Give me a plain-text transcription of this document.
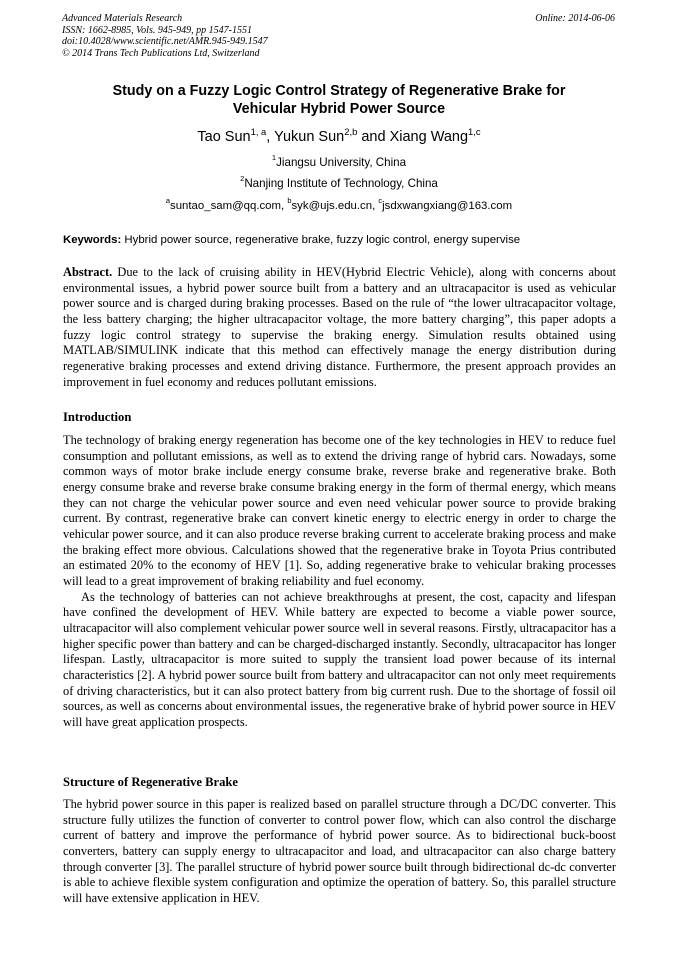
Advanced Materials Research
ISSN: 1662-8985, Vols. 945-949, pp 1547-1551
doi:10.4028/www.scientific.net/AMR.945-949.1547
© 2014 Trans Tech Publications Ltd, Switzerland
Online: 2014-06-06
Study on a Fuzzy Logic Control Strategy of Regenerative Brake for
Vehicular Hybrid Power Source
Tao Sun$^{1, a}$, Yukun Sun$^{2,b}$ and Xiang Wang$^{1,c}$
$^1$Jiangsu University, China
$^2$Nanjing Institute of Technology, China
$^a$suntao_sam@qq.com, $^b$syk@ujs.edu.cn, $^c$jsdxwangxiang@163.com
Keywords: Hybrid power source, regenerative brake, fuzzy logic control, energy supervise

Abstract. Due to the lack of cruising ability in HEV(Hybrid Electric Vehicle), along with concerns about environmental issues, a hybrid power source built from a battery and an ultracapacitor is used as vehicular power source and is charged during braking processes. Based on the rule of “the lower ultracapacitor voltage, the less battery charging; the higher ultracapacitor voltage, the more battery charging”, this paper adopts a fuzzy logic control strategy to supervise the braking energy. Simulation results obtained using MATLAB/SIMULINK indicate that this method can effectively manage the energy distribution during regenerative braking processes and extend driving distance. Furthermore, the present approach provides an improvement in fuel economy and reduces pollutant emissions.

Introduction

The technology of braking energy regeneration has become one of the key technologies in HEV to reduce fuel consumption and pollutant emissions, as well as to extend the driving range of hybrid cars. Nowadays, some common ways of motor brake include energy consume brake, reverse brake and regenerative brake. Both energy consume brake and reverse brake consume braking energy in the form of thermal energy, which means they can not charge the vehicular power source and even need vehicular power source to provide braking current. By contrast, regenerative brake can convert kinetic energy to electric energy in order to charge the vehicular power source, and it can also produce reverse braking current to accelerate braking process and make the braking effect more obvious. Calculations showed that the regenerative brake in Toyota Prius contributed an estimated 20% to the economy of HEV [1]. So, adding regenerative brake to vehicular braking processes will lead to a great improvement of braking reliability and fuel economy.

As the technology of batteries can not achieve breakthroughs at present, the cost, capacity and lifespan have confined the development of HEV. While battery are expected to become a viable power source, ultracapacitor will also complement vehicular power source well in several reasons. Firstly, ultracapacitor has a higher specific power than battery and can be charged-discharged instantly. Secondly, ultracapacitor has longer lifespan. Lastly, ultracapacitor is more suited to supply the transient load power because of its internal characteristics [2]. A hybrid power source built from battery and ultracapacitor can not only meet requirements of driving characteristics, but it can also protect battery from big current rush. Due to the shortage of fossil oil sources, as well as concerns about environmental issues, the regenerative brake of hybrid power source in HEV will have great application prospects.

Structure of Regenerative Brake

The hybrid power source in this paper is realized based on parallel structure through a DC/DC converter. This structure fully utilizes the function of converter to control power flow, which can also control the discharge current of battery and improve the performance of hybrid power source. As to bidirectional buck-boost converters, battery can supply energy to ultracapacitor and load, and ultracapacitor can also charge battery through converter [3]. The parallel structure of hybrid power source built through bidirectional dc-dc converter is able to achieve flexible system configuration and optimize the operation of battery. So, this parallel structure will have extensive application in HEV.
